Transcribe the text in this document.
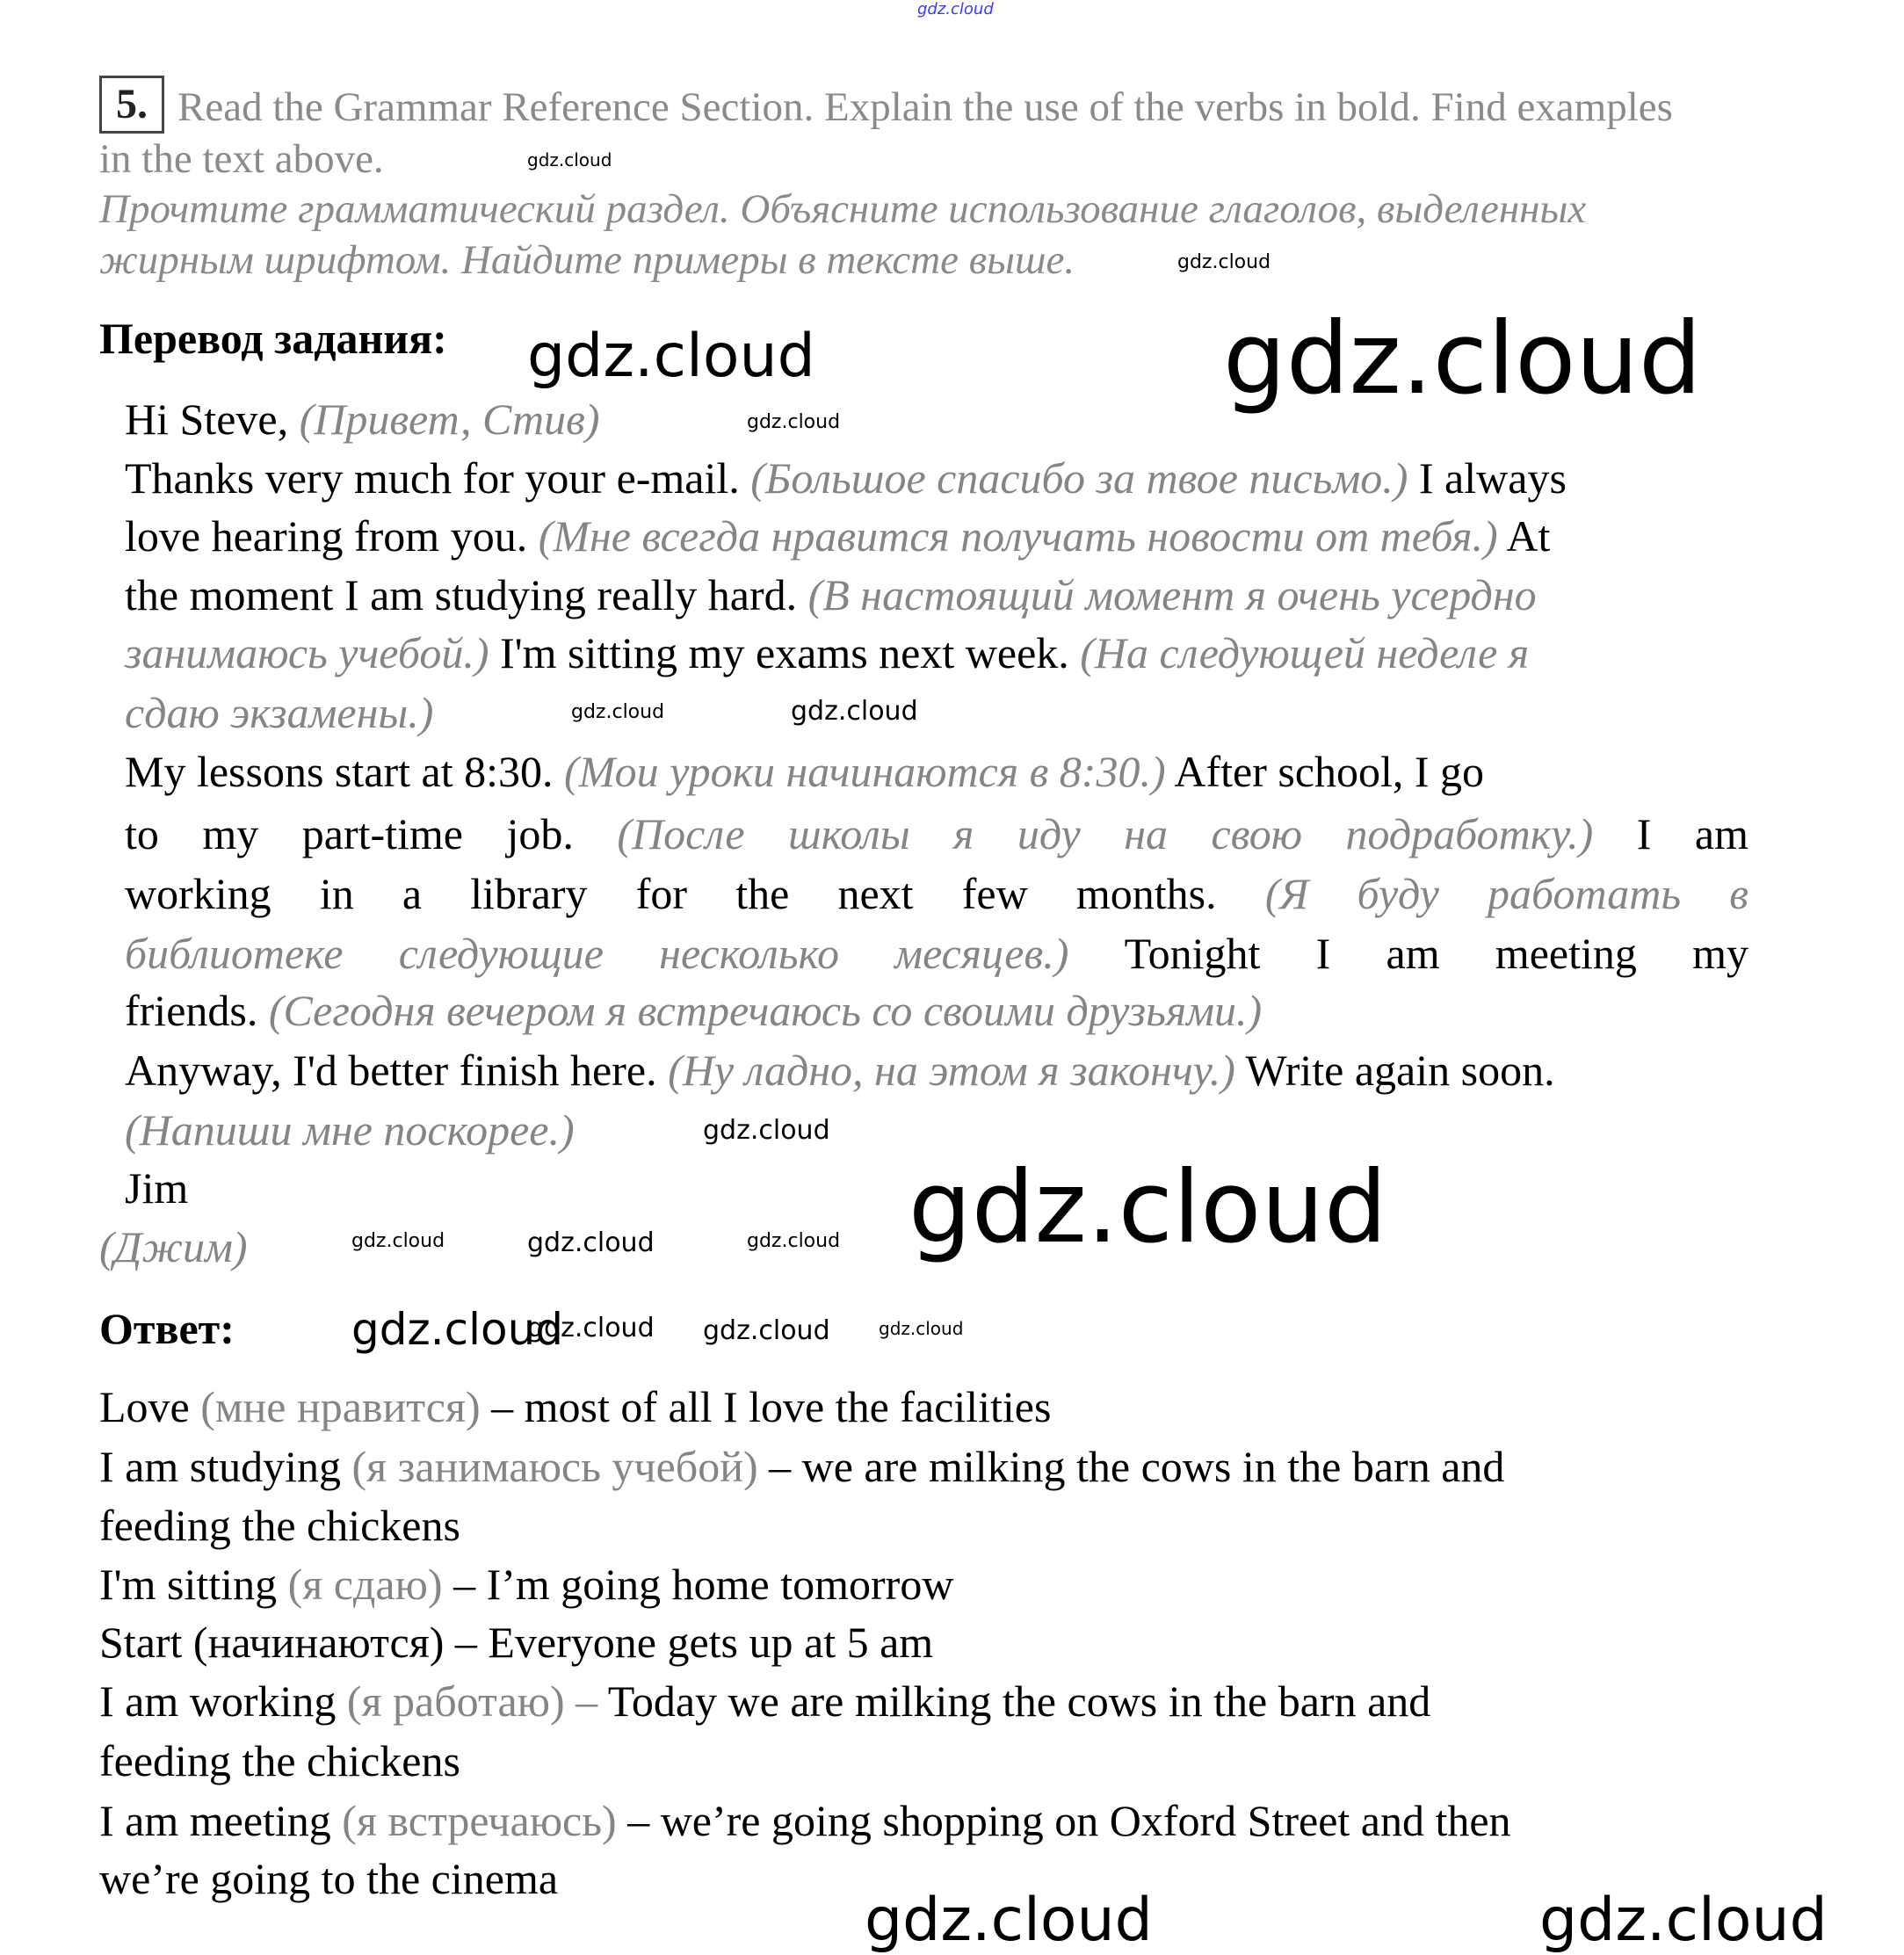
gdz.cloud
5. Read the Grammar Reference Section. Explain the use of the verbs in bold. Find examples
in the text above.
Прочтите грамматический раздел. Объясните использование глаголов, выделенных
жирным шрифтом. Найдите примеры в тексте выше.
Перевод задания:
Hi Steve, (Привет, Стив)
Thanks very much for your e-mail. (Большое спасибо за твое письмо.) I always
love hearing from you. (Мне всегда нравится получать новости от тебя.) At
the moment I am studying really hard. (В настоящий момент я очень усердно
занимаюсь учебой.) I'm sitting my exams next week. (На следующей неделе я
сдаю экзамены.)
My lessons start at 8:30. (Мои уроки начинаются в 8:30.) After school, I go
to my part-time job. (После школы я иду на свою подработку.) I am
working in a library for the next few months. (Я буду работать в
библиотеке следующие несколько месяцев.) Tonight I am meeting my
friends. (Сегодня вечером я встречаюсь со своими друзьями.)
Anyway, I'd better finish here. (Ну ладно, на этом я закончу.) Write again soon.
(Напиши мне поскорее.)
Jim
(Джим)
Ответ:
Love (мне нравится) – most of all I love the facilities
I am studying (я занимаюсь учебой) – we are milking the cows in the barn and
feeding the chickens
I'm sitting (я сдаю) – I’m going home tomorrow
Start (начинаются) – Everyone gets up at 5 am
I am working (я работаю) – Today we are milking the cows in the barn and
feeding the chickens
I am meeting (я встречаюсь) – we’re going shopping on Oxford Street and then
we’re going to the cinema
gdz.cloud
gdz.cloud
gdz.cloud
gdz.cloud	gdz.cloud
gdz.cloud	gdz.cloud	gdz.cloud
gdz.cloud
gdz.cloud gdz.cloud	gdz.cloud
gdz.cloud	gdz.cloud
gdz.cloud
gdz.cloud
gdz.cloud	gdz.cloud
